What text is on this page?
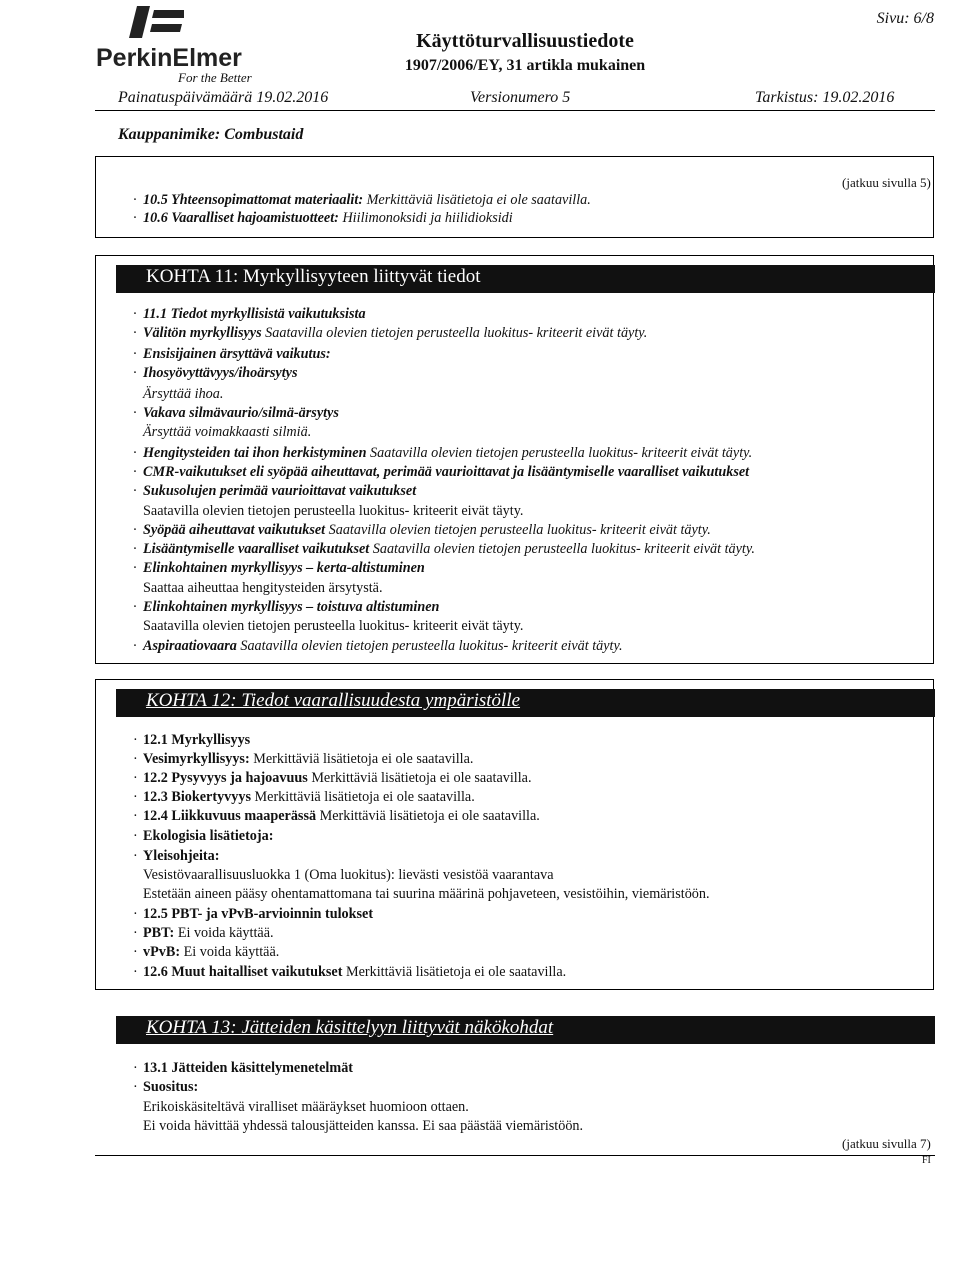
PerkinElmer
For the Better
Käyttöturvallisuustiedote
1907/2006/EY, 31 artikla mukainen
Sivu: 6/8
Painatuspäivämäärä 19.02.2016	Versionumero 5	Tarkistus: 19.02.2016
Kauppanimike: Combustaid
(jatkuu sivulla 5)
· 10.5 Yhteensopimattomat materiaalit: Merkittäviä lisätietoja ei ole saatavilla.
· 10.6 Vaaralliset hajoamistuotteet: Hiilimonoksidi ja hiilidioksidi
KOHTA 11: Myrkyllisyyteen liittyvät tiedot
· 11.1 Tiedot myrkyllisistä vaikutuksista
· Välitön myrkyllisyys Saatavilla olevien tietojen perusteella luokitus- kriteerit eivät täyty.
· Ensisijainen ärsyttävä vaikutus:
· Ihosyövyttävyys/ihoärsytys
Ärsyttää ihoa.
· Vakava silmävaurio/silmä-ärsytys
Ärsyttää voimakkaasti silmiä.
· Hengitysteiden tai ihon herkistyminen Saatavilla olevien tietojen perusteella luokitus- kriteerit eivät täyty.
· CMR-vaikutukset eli syöpää aiheuttavat, perimää vaurioittavat ja lisääntymiselle vaaralliset vaikutukset
· Sukusolujen perimää vaurioittavat vaikutukset
Saatavilla olevien tietojen perusteella luokitus- kriteerit eivät täyty.
· Syöpää aiheuttavat vaikutukset Saatavilla olevien tietojen perusteella luokitus- kriteerit eivät täyty.
· Lisääntymiselle vaaralliset vaikutukset Saatavilla olevien tietojen perusteella luokitus- kriteerit eivät täyty.
· Elinkohtainen myrkyllisyys – kerta-altistuminen
Saattaa aiheuttaa hengitysteiden ärsytystä.
· Elinkohtainen myrkyllisyys – toistuva altistuminen
Saatavilla olevien tietojen perusteella luokitus- kriteerit eivät täyty.
· Aspiraatiovaara Saatavilla olevien tietojen perusteella luokitus- kriteerit eivät täyty.
KOHTA 12: Tiedot vaarallisuudesta ympäristölle
· 12.1 Myrkyllisyys
· Vesimyrkyllisyys: Merkittäviä lisätietoja ei ole saatavilla.
· 12.2 Pysyvyys ja hajoavuus Merkittäviä lisätietoja ei ole saatavilla.
· 12.3 Biokertyvyys Merkittäviä lisätietoja ei ole saatavilla.
· 12.4 Liikkuvuus maaperässä Merkittäviä lisätietoja ei ole saatavilla.
· Ekologisia lisätietoja:
· Yleisohjeita:
Vesistövaarallisuusluokka 1 (Oma luokitus): lievästi vesistöä vaarantava
Estetään aineen pääsy ohentamattomana tai suurina määrinä pohjaveteen, vesistöihin, viemäristöön.
· 12.5 PBT- ja vPvB-arvioinnin tulokset
· PBT: Ei voida käyttää.
· vPvB: Ei voida käyttää.
· 12.6 Muut haitalliset vaikutukset Merkittäviä lisätietoja ei ole saatavilla.
KOHTA 13: Jätteiden käsittelyyn liittyvät näkökohdat
· 13.1 Jätteiden käsittelymenetelmät
· Suositus:
Erikoiskäsiteltävä viralliset määräykset huomioon ottaen.
Ei voida hävittää yhdessä talousjätteiden kanssa. Ei saa päästää viemäristöön.
(jatkuu sivulla 7)
FI
